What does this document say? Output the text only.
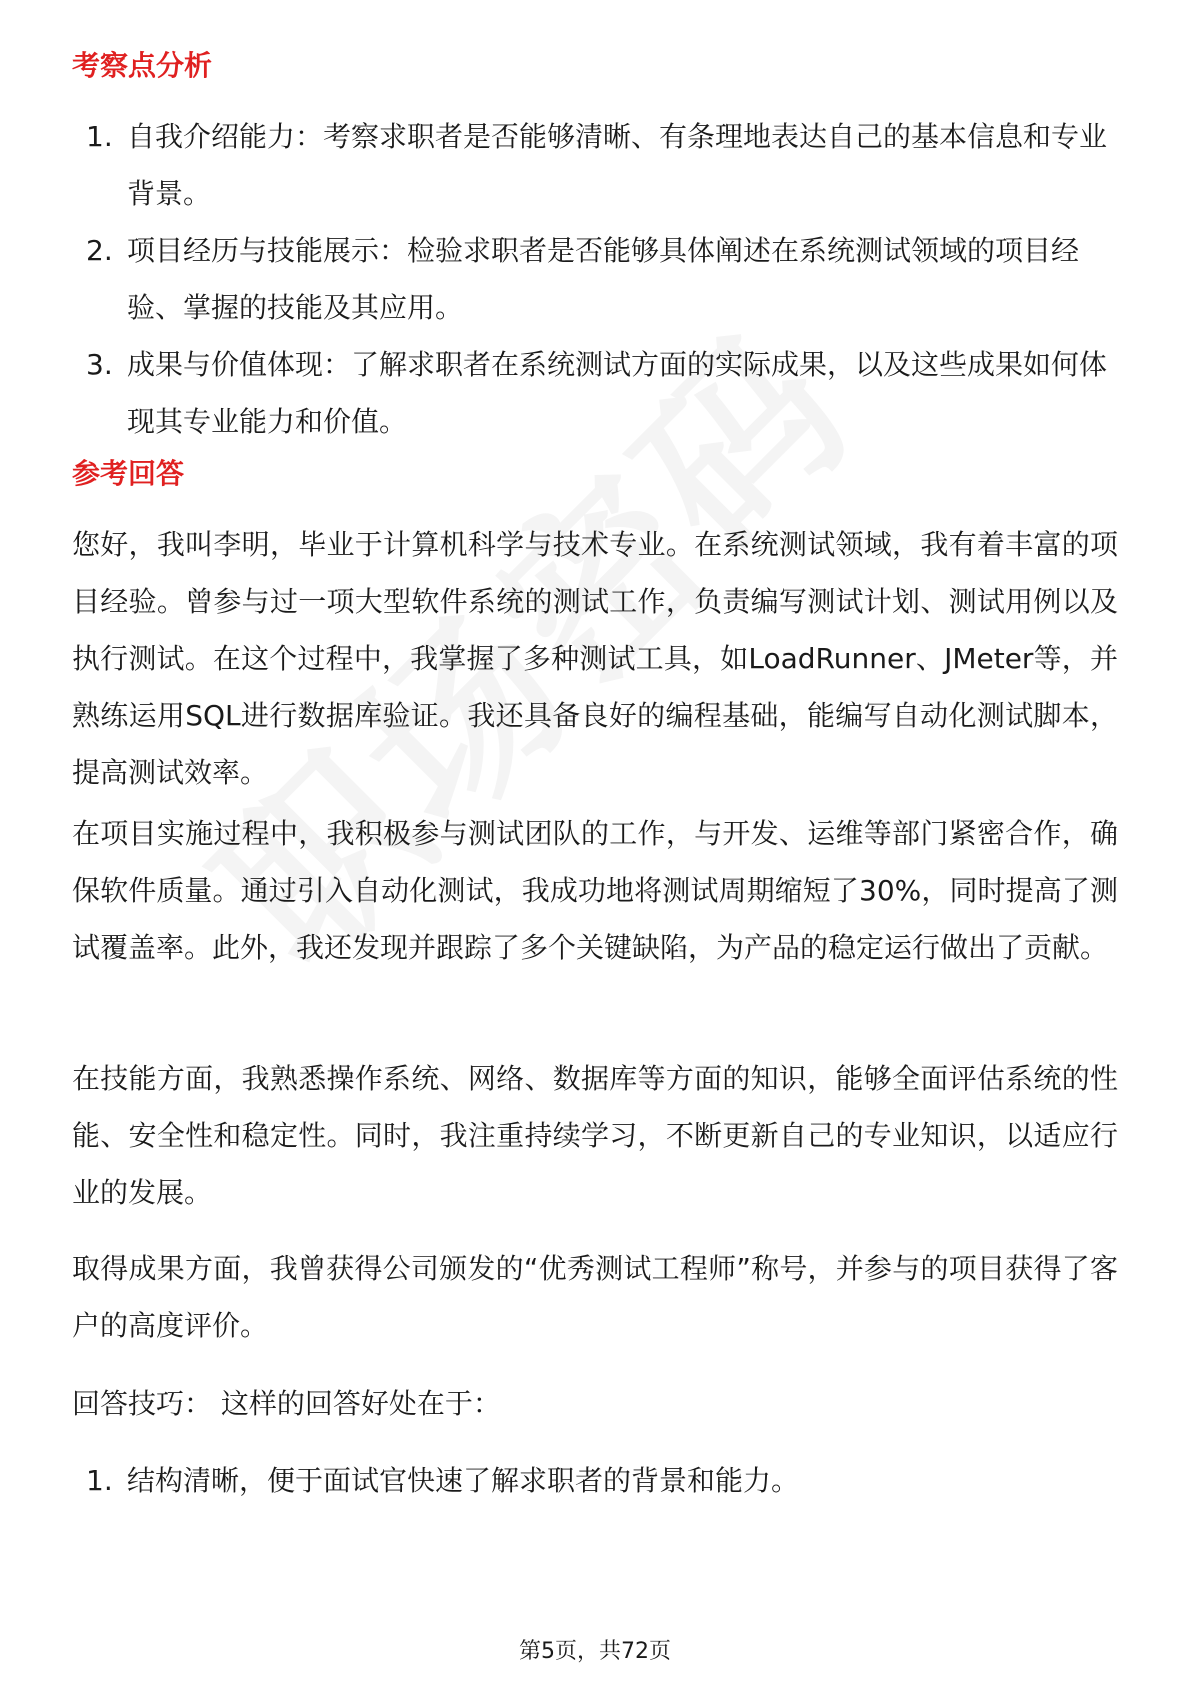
考察点分析
1. 自我介绍能力：考察求职者是否能够清晰、有条理地表达自己的基本信息和专业背景。
2. 项目经历与技能展示：检验求职者是否能够具体阐述在系统测试领域的项目经验、掌握的技能及其应用。
3. 成果与价值体现：了解求职者在系统测试方面的实际成果，以及这些成果如何体现其专业能力和价值。
参考回答

您好，我叫李明，毕业于计算机科学与技术专业。在系统测试领域，我有着丰富的项目经验。曾参与过一项大型软件系统的测试工作，负责编写测试计划、测试用例以及执行测试。在这个过程中，我掌握了多种测试工具，如LoadRunner、JMeter等，并熟练运用SQL进行数据库验证。我还具备良好的编程基础，能编写自动化测试脚本，提高测试效率。

在项目实施过程中，我积极参与测试团队的工作，与开发、运维等部门紧密合作，确保软件质量。通过引入自动化测试，我成功地将测试周期缩短了30%，同时提高了测试覆盖率。此外，我还发现并跟踪了多个关键缺陷，为产品的稳定运行做出了贡献。

在技能方面，我熟悉操作系统、网络、数据库等方面的知识，能够全面评估系统的性能、安全性和稳定性。同时，我注重持续学习，不断更新自己的专业知识，以适应行业的发展。

取得成果方面，我曾获得公司颁发的“优秀测试工程师”称号，并参与的项目获得了客户的高度评价。

回答技巧： 这样的回答好处在于：

1. 结构清晰，便于面试官快速了解求职者的背景和能力。
第5页，共72页
